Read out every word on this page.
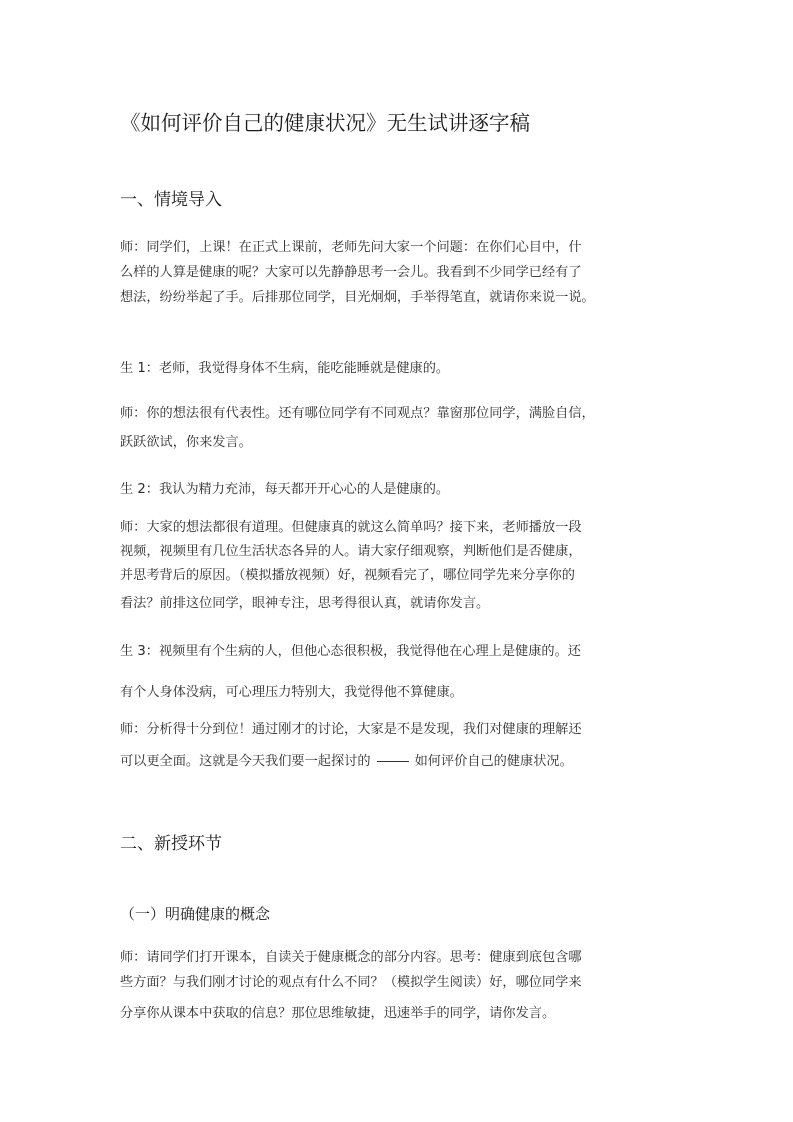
《如何评价自己的健康状况》无生试讲逐字稿
一、情境导入
师：同学们，上课！在正式上课前，老师先问大家一个问题：在你们心目中，什
么样的人算是健康的呢？大家可以先静静思考一会儿。我看到不少同学已经有了
想法，纷纷举起了手。后排那位同学，目光炯炯，手举得笔直，就请你来说一说。
生 1：老师，我觉得身体不生病，能吃能睡就是健康的。
师：你的想法很有代表性。还有哪位同学有不同观点？靠窗那位同学，满脸自信，
跃跃欲试，你来发言。
生 2：我认为精力充沛，每天都开开心心的人是健康的。
师：大家的想法都很有道理。但健康真的就这么简单吗？接下来，老师播放一段
视频，视频里有几位生活状态各异的人。请大家仔细观察，判断他们是否健康，
并思考背后的原因。（模拟播放视频）好，视频看完了，哪位同学先来分享你的
看法？前排这位同学，眼神专注，思考得很认真，就请你发言。
生 3：视频里有个生病的人，但他心态很积极，我觉得他在心理上是健康的。还
有个人身体没病，可心理压力特别大，我觉得他不算健康。
师：分析得十分到位！通过刚才的讨论，大家是不是发现，我们对健康的理解还
可以更全面。这就是今天我们要一起探讨的	如何评价自己的健康状况。
二、新授环节
（一）明确健康的概念
师：请同学们打开课本，自读关于健康概念的部分内容。思考：健康到底包含哪
些方面？与我们刚才讨论的观点有什么不同？（模拟学生阅读）好，哪位同学来
分享你从课本中获取的信息？那位思维敏捷，迅速举手的同学，请你发言。
